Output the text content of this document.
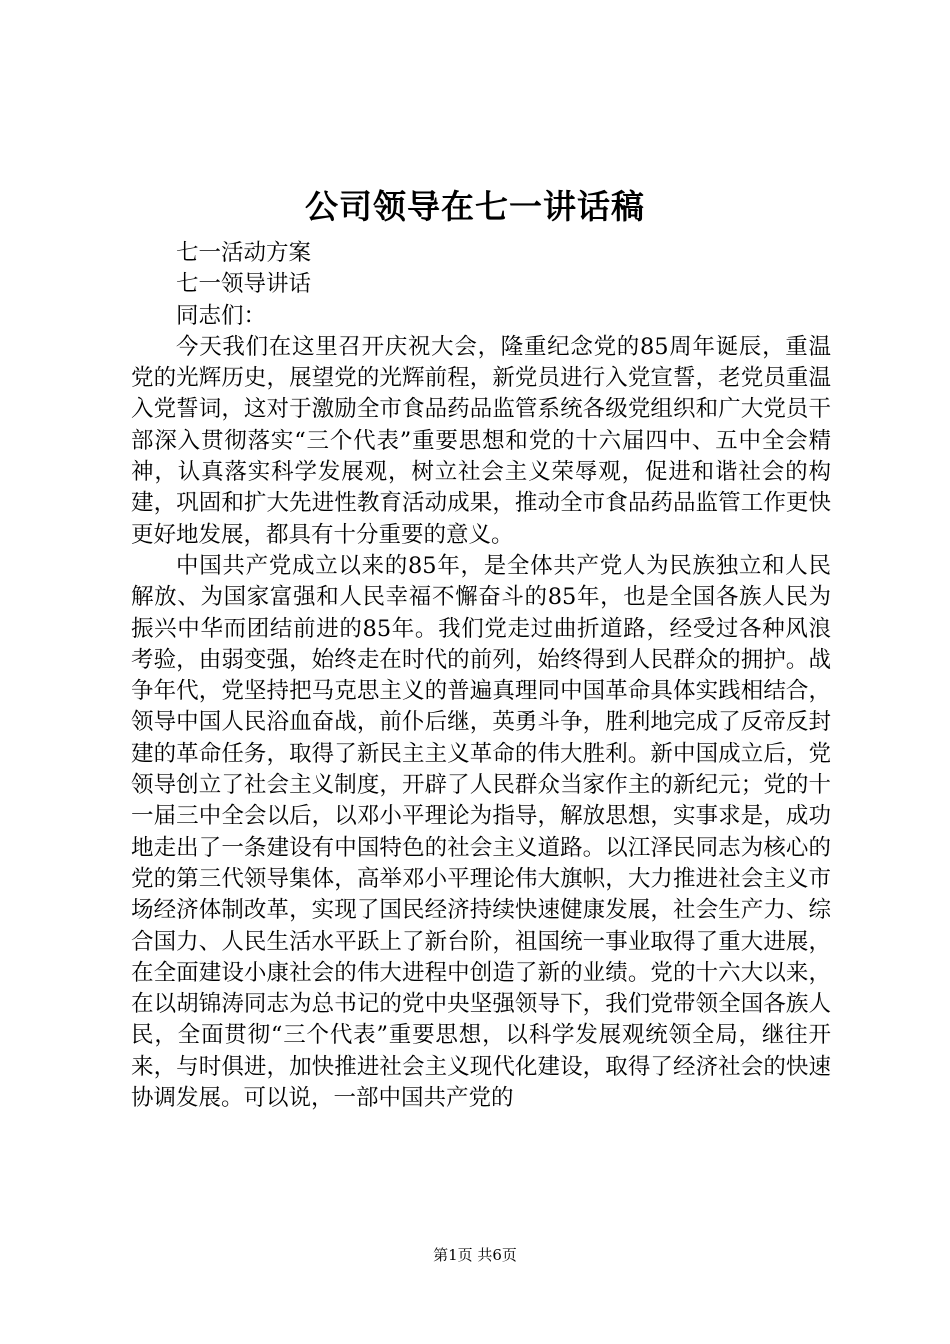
公司领导在七一讲话稿

七一活动方案

七一领导讲话

同志们：

今天我们在这里召开庆祝大会，隆重纪念党的85周年诞辰，重温党的光辉历史，展望党的光辉前程，新党员进行入党宣誓，老党员重温入党誓词，这对于激励全市食品药品监管系统各级党组织和广大党员干部深入贯彻落实“三个代表”重要思想和党的十六届四中、五中全会精神，认真落实科学发展观，树立社会主义荣辱观，促进和谐社会的构建，巩固和扩大先进性教育活动成果，推动全市食品药品监管工作更快更好地发展，都具有十分重要的意义。

中国共产党成立以来的85年，是全体共产党人为民族独立和人民解放、为国家富强和人民幸福不懈奋斗的85年，也是全国各族人民为振兴中华而团结前进的85年。我们党走过曲折道路，经受过各种风浪考验，由弱变强，始终走在时代的前列，始终得到人民群众的拥护。战争年代，党坚持把马克思主义的普遍真理同中国革命具体实践相结合，领导中国人民浴血奋战，前仆后继，英勇斗争，胜利地完成了反帝反封建的革命任务，取得了新民主主义革命的伟大胜利。新中国成立后，党领导创立了社会主义制度，开辟了人民群众当家作主的新纪元；党的十一届三中全会以后，以邓小平理论为指导，解放思想，实事求是，成功地走出了一条建设有中国特色的社会主义道路。以江泽民同志为核心的党的第三代领导集体，高举邓小平理论伟大旗帜，大力推进社会主义市场经济体制改革，实现了国民经济持续快速健康发展，社会生产力、综合国力、人民生活水平跃上了新台阶，祖国统一事业取得了重大进展，在全面建设小康社会的伟大进程中创造了新的业绩。党的十六大以来，在以胡锦涛同志为总书记的党中央坚强领导下，我们党带领全国各族人民，全面贯彻“三个代表”重要思想，以科学发展观统领全局，继往开来，与时俱进，加快推进社会主义现代化建设，取得了经济社会的快速协调发展。可以说，一部中国共产党的

第1页 共6页
